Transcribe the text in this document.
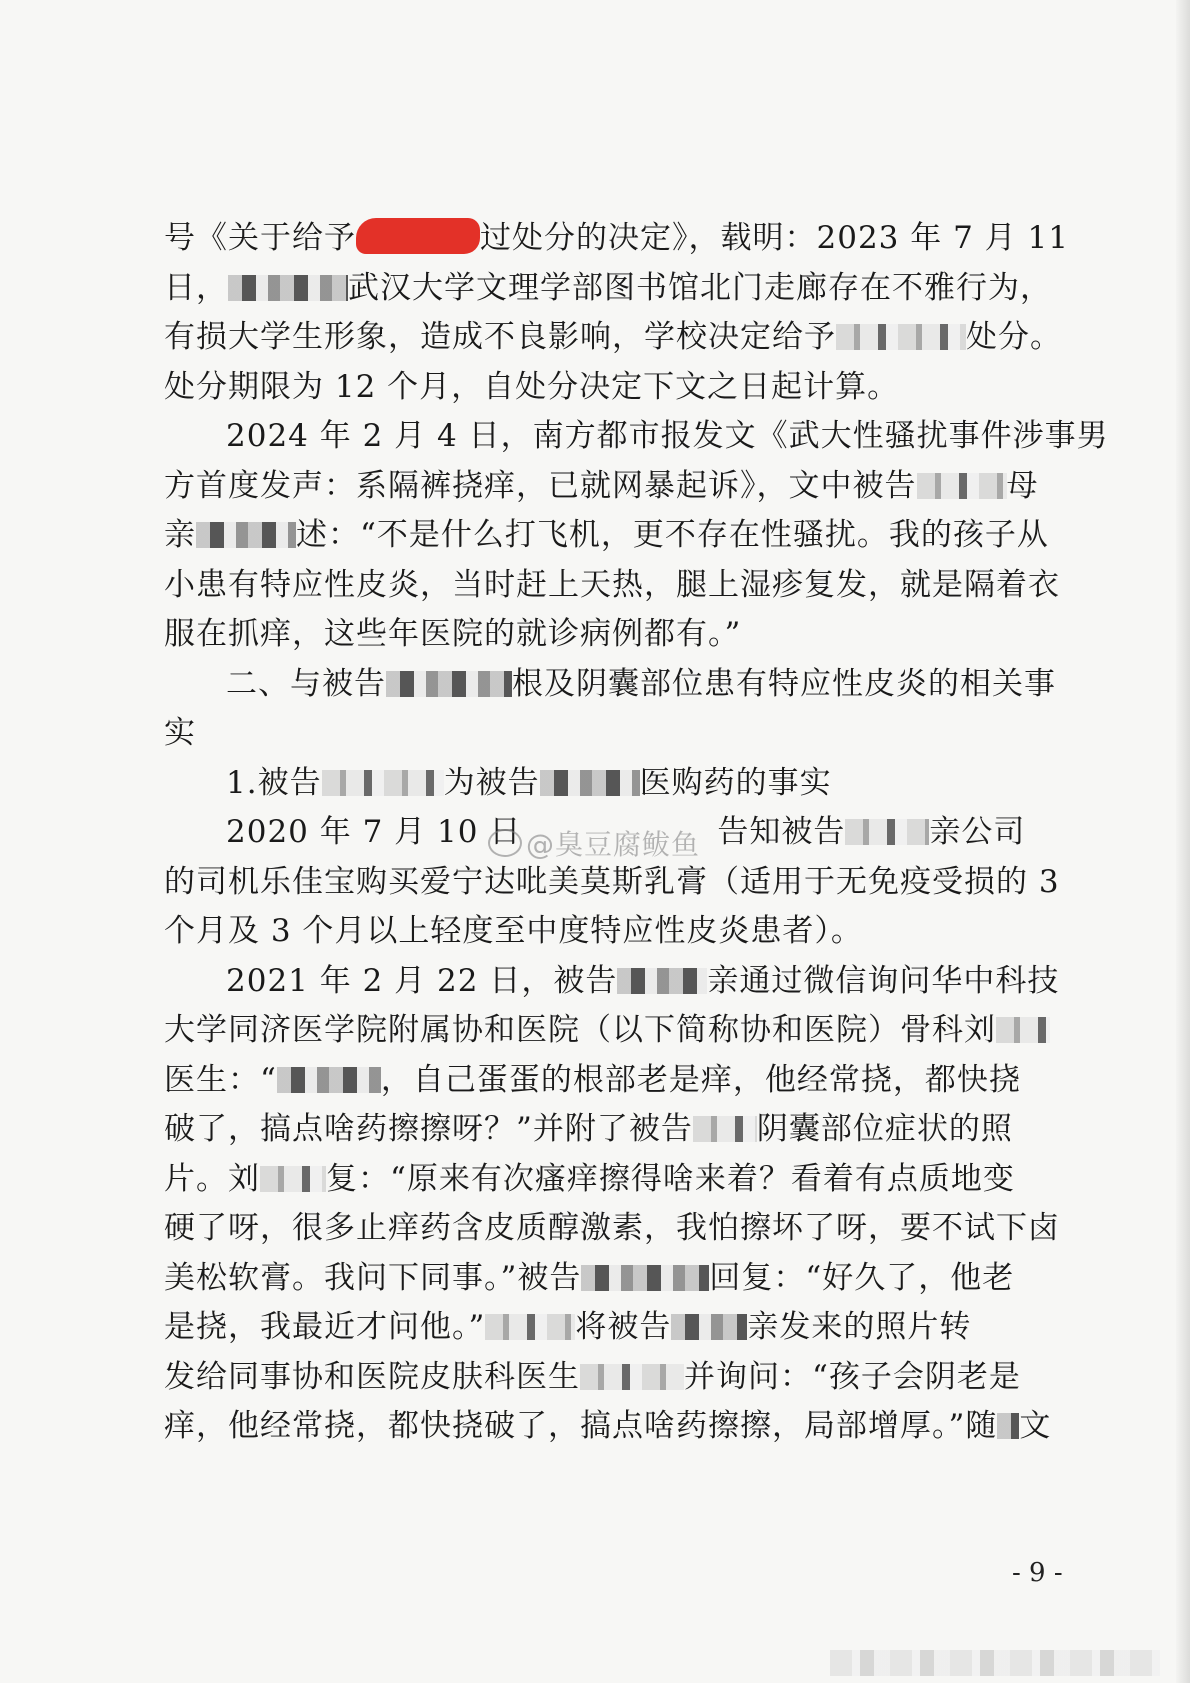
号《关于给予	过处分的决定》，载明：2023 年 7 月 11

日，	武汉大学文理学部图书馆北门走廊存在不雅行为，

有损大学生形象，造成不良影响，学校决定给予	处分。

处分期限为 12 个月，自处分决定下文之日起计算。

2024 年 2 月 4 日，南方都市报发文《武大性骚扰事件涉事男

方首度发声：系隔裤挠痒，已就网暴起诉》，文中被告	母

亲	述：“不是什么打飞机，更不存在性骚扰。我的孩子从

小患有特应性皮炎，当时赶上天热，腿上湿疹复发，就是隔着衣

服在抓痒，这些年医院的就诊病例都有。”

二、与被告	根及阴囊部位患有特应性皮炎的相关事

实

1.被告	为被告	医购药的事实

2020 年 7 月 10 日	告知被告	亲公司

的司机乐佳宝购买爱宁达吡美莫斯乳膏（适用于无免疫受损的 3

个月及 3 个月以上轻度至中度特应性皮炎患者）。

2021 年 2 月 22 日，被告	亲通过微信询问华中科技

大学同济医学院附属协和医院（以下简称协和医院）骨科刘

医生：“	，自己蛋蛋的根部老是痒，他经常挠，都快挠

破了，搞点啥药擦擦呀？”并附了被告 阴囊部位症状的照

片。刘 复：“原来有次瘙痒擦得啥来着？看着有点质地变

硬了呀，很多止痒药含皮质醇激素，我怕擦坏了呀，要不试下卤

美松软膏。我问下同事。”被告	回复：“好久了，他老

是挠，我最近才问他。”	将被告 亲发来的照片转

发给同事协和医院皮肤科医生	并询问：“孩子会阴老是

痒，他经常挠，都快挠破了，搞点啥药擦擦，局部增厚。”随 文

@臭豆腐鲅鱼
- 9 -
